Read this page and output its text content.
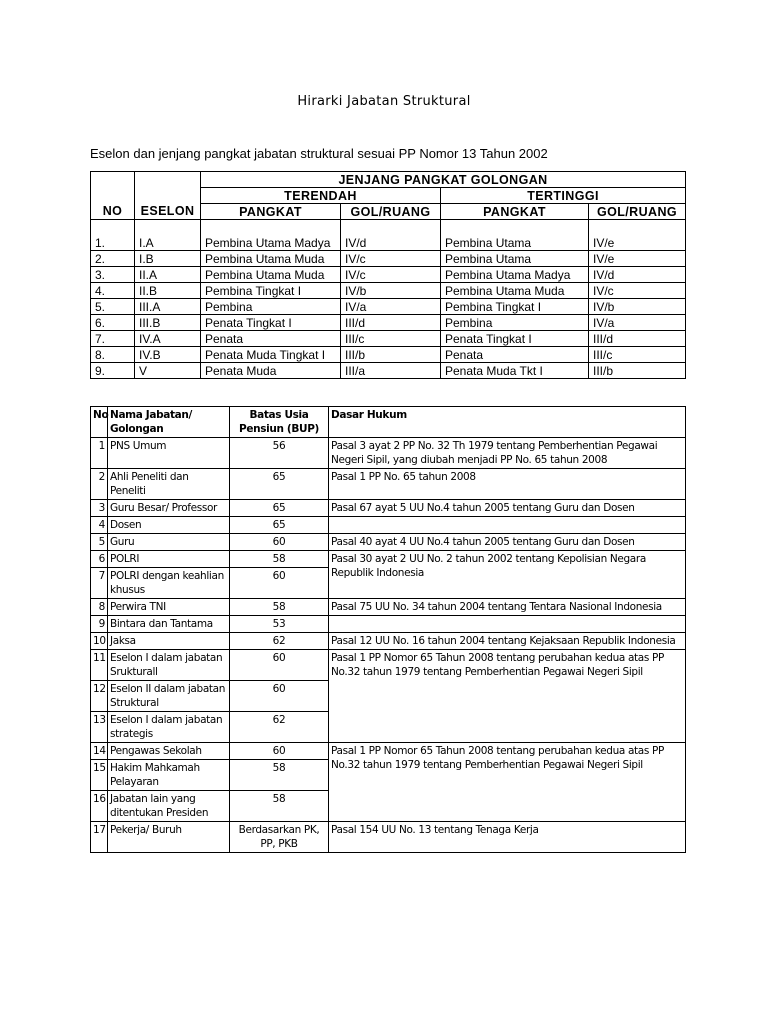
Hirarki Jabatan Struktural
Eselon dan jenjang pangkat jabatan struktural sesuai PP Nomor 13 Tahun 2002
NO	ESELON	JENJANG PANGKAT GOLONGAN			
		TERENDAH		TERTINGGI	
		PANGKAT	GOL/RUANG	PANGKAT	GOL/RUANG
1.	I.A	Pembina Utama Madya	IV/d	Pembina Utama	IV/e
2.	I.B	Pembina Utama Muda	IV/c	Pembina Utama	IV/e
3.	II.A	Pembina Utama Muda	IV/c	Pembina Utama Madya	IV/d
4.	II.B	Pembina Tingkat I	IV/b	Pembina Utama Muda	IV/c
5.	III.A	Pembina	IV/a	Pembina Tingkat I	IV/b
6.	III.B	Penata Tingkat I	III/d	Pembina	IV/a
7.	IV.A	Penata	III/c	Penata Tingkat I	III/d
8.	IV.B	Penata Muda Tingkat I	III/b	Penata	III/c
9.	V	Penata Muda	III/a	Penata Muda Tkt I	III/b
No	Nama Jabatan/ Golongan	Batas Usia Pensiun (BUP)	Dasar Hukum
1	PNS Umum	56	Pasal 3 ayat 2 PP No. 32 Th 1979 tentang Pemberhentian Pegawai Negeri Sipil, yang diubah menjadi PP No. 65 tahun 2008
2	Ahli Peneliti dan Peneliti	65	Pasal 1 PP No. 65 tahun 2008
3	Guru Besar/ Professor	65	Pasal 67 ayat 5 UU No.4 tahun 2005 tentang Guru dan Dosen
4	Dosen	65	
5	Guru	60	Pasal 40 ayat 4 UU No.4 tahun 2005 tentang Guru dan Dosen
6	POLRI	58	Pasal 30 ayat 2 UU No. 2 tahun 2002 tentang Kepolisian Negara Republik Indonesia
7	POLRI dengan keahlian khusus	60	
8	Perwira TNI	58	Pasal 75 UU No. 34 tahun 2004 tentang Tentara Nasional Indonesia
9	Bintara dan Tantama	53	
10	Jaksa	62	Pasal 12 UU No. 16 tahun 2004 tentang Kejaksaan Republik Indonesia
11	Eselon I dalam jabatan Srukturall	60	Pasal 1 PP Nomor 65 Tahun 2008 tentang perubahan kedua atas PP No.32 tahun 1979 tentang Pemberhentian Pegawai Negeri Sipil
12	Eselon II dalam jabatan Struktural	60	
13	Eselon I dalam jabatan strategis	62	
14	Pengawas Sekolah	60	Pasal 1 PP Nomor 65 Tahun 2008 tentang perubahan kedua atas PP No.32 tahun 1979 tentang Pemberhentian Pegawai Negeri Sipil
15	Hakim Mahkamah Pelayaran	58	
16	Jabatan lain yang ditentukan Presiden	58	
17	Pekerja/ Buruh	Berdasarkan PK, PP, PKB	Pasal 154 UU No. 13 tentang Tenaga Kerja
